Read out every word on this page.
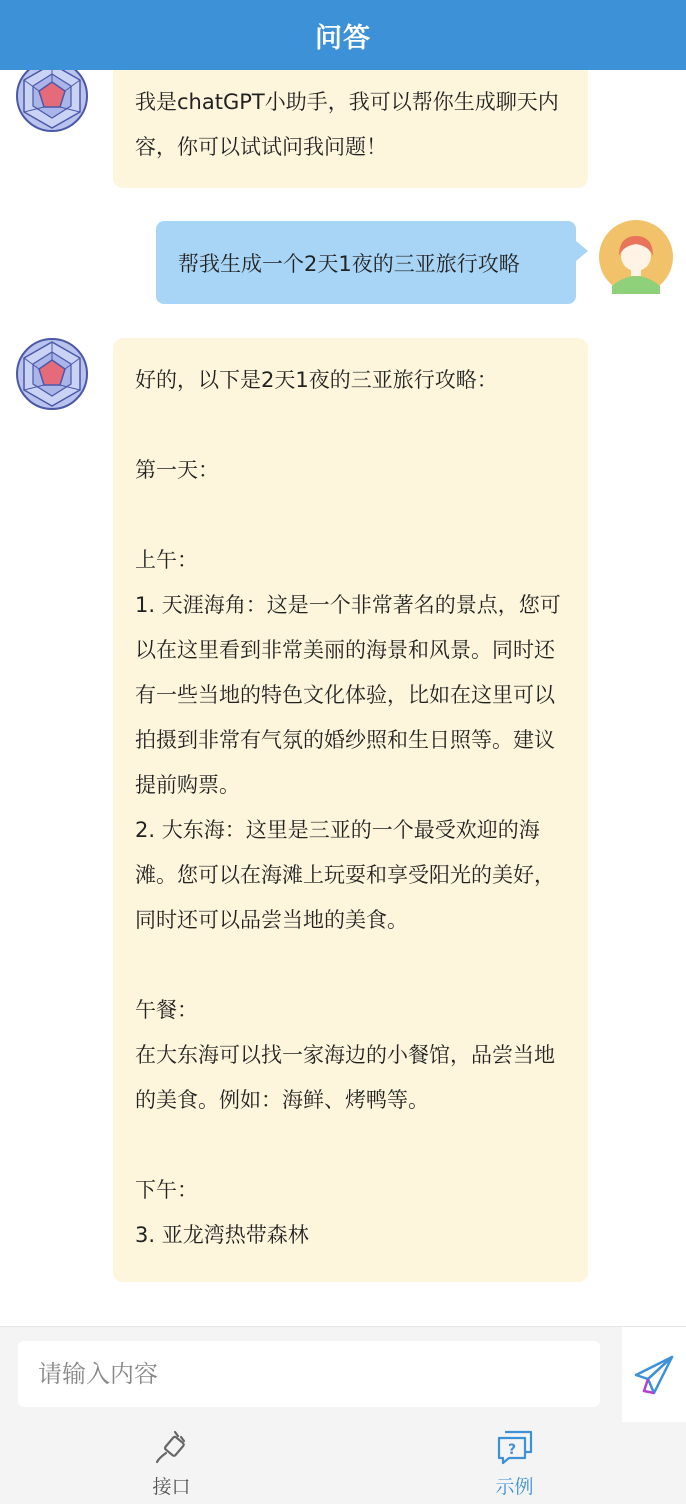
问答
我是chatGPT小助手，我可以帮你生成聊天内容，你可以试试问我问题！
帮我生成一个2天1夜的三亚旅行攻略
好的，以下是2天1夜的三亚旅行攻略：

第一天：

上午：
1. 天涯海角：这是一个非常著名的景点，您可以在这里看到非常美丽的海景和风景。同时还有一些当地的特色文化体验，比如在这里可以拍摄到非常有气氛的婚纱照和生日照等。建议提前购票。
2. 大东海：这里是三亚的一个最受欢迎的海滩。您可以在海滩上玩耍和享受阳光的美好，同时还可以品尝当地的美食。

午餐：
在大东海可以找一家海边的小餐馆，品尝当地的美食。例如：海鲜、烤鸭等。

下午：
3. 亚龙湾热带森林
请输入内容
接口
?
示例
